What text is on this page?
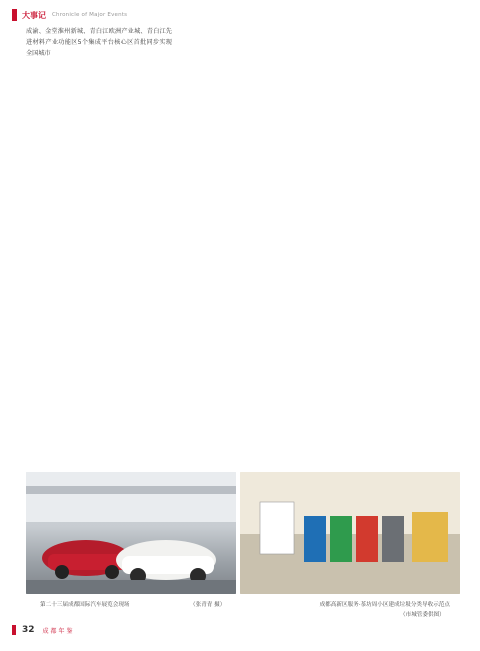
大事记 Chronicle of Major Events

成渝、金堂淮州新城、青白江欧洲产业城、青白江先进材料产业功能区5个集成平台核心区首批同步实现全国城市

第二十三届成都国际汽车展览会现场	（张青青 摄）	成都高新区服务·茶坊周小区建成垃圾分类导收示范点
（市城管委供图）
32 成都年鉴
